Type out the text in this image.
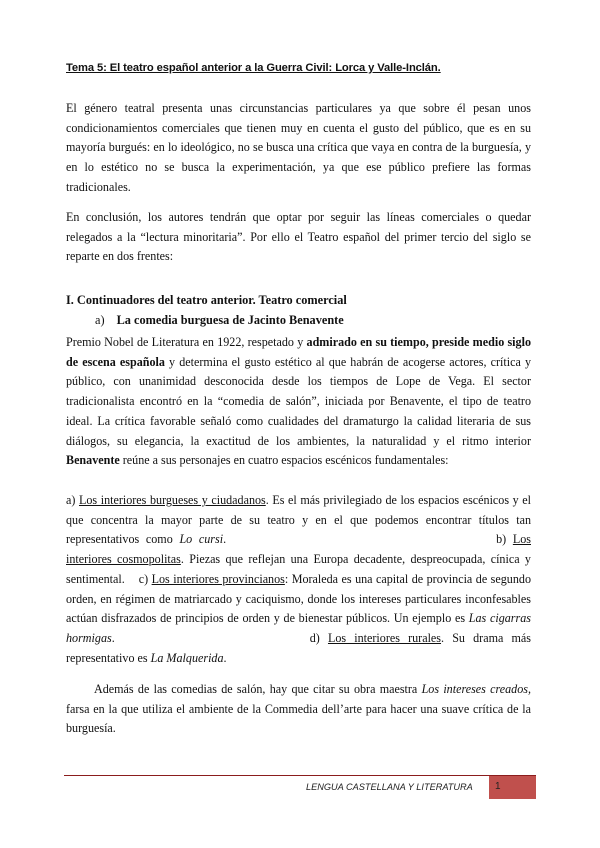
Tema 5: El teatro español anterior a la Guerra Civil: Lorca y Valle-Inclán.

El género teatral presenta unas circunstancias particulares ya que sobre él pesan unos condicionamientos comerciales que tienen muy en cuenta el gusto del público, que es en su mayoría burgués: en lo ideológico, no se busca una crítica que vaya en contra de la burguesía, y en lo estético no se busca la experimentación, ya que ese público prefiere las formas tradicionales.

En conclusión, los autores tendrán que optar por seguir las líneas comerciales o quedar relegados a la “lectura minoritaria”. Por ello el Teatro español del primer tercio del siglo se reparte en dos frentes:

I. Continuadores del teatro anterior. Teatro comercial
a) La comedia burguesa de Jacinto Benavente

Premio Nobel de Literatura en 1922, respetado y admirado en su tiempo, preside medio siglo de escena española y determina el gusto estético al que habrán de acogerse actores, crítica y público, con unanimidad desconocida desde los tiempos de Lope de Vega. El sector tradicionalista encontró en la “comedia de salón”, iniciada por Benavente, el tipo de teatro ideal. La crítica favorable señaló como cualidades del dramaturgo la calidad literaria de sus diálogos, su elegancia, la exactitud de los ambientes, la naturalidad y el ritmo interior Benavente reúne a sus personajes en cuatro espacios escénicos fundamentales:

a) Los interiores burgueses y ciudadanos. Es el más privilegiado de los espacios escénicos y el que concentra la mayor parte de su teatro y en el que podemos encontrar títulos tan representativos como Lo cursi.	b) Los interiores cosmopolitas. Piezas que reflejan una Europa decadente, despreocupada, cínica y sentimental. c) Los interiores provincianos: Moraleda es una capital de provincia de segundo orden, en régimen de matriarcado y caciquismo, donde los intereses particulares inconfesables actúan disfrazados de principios de orden y de bienestar públicos. Un ejemplo es Las cigarras hormigas.	d) Los interiores rurales. Su drama más representativo es La Malquerida.

Además de las comedias de salón, hay que citar su obra maestra Los intereses creados, farsa en la que utiliza el ambiente de la Commedia dell’arte para hacer una suave crítica de la burguesía.

LENGUA CASTELLANA Y LITERATURA 1
